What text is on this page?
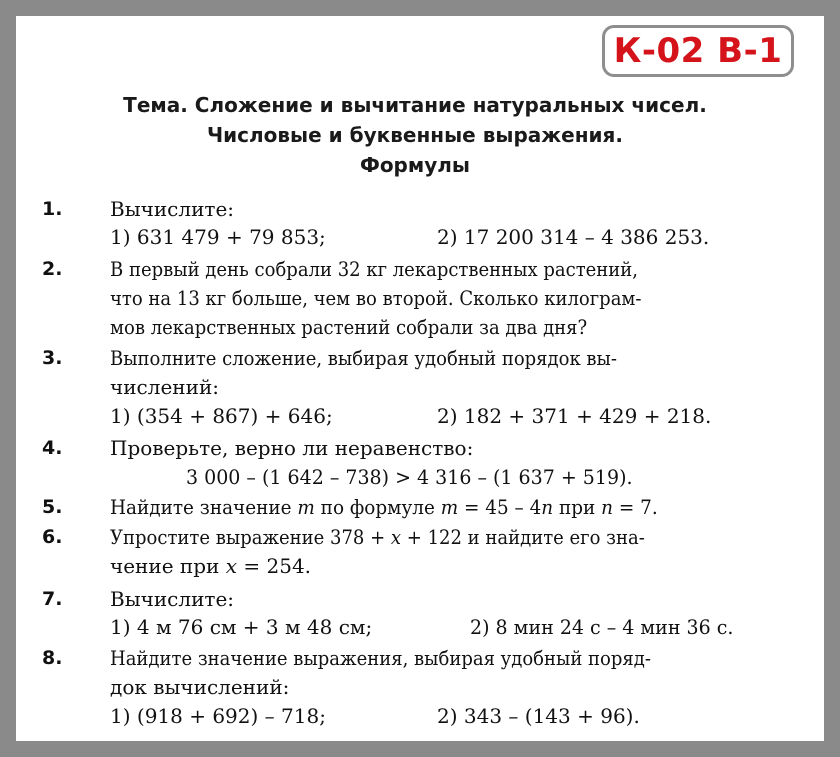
К-02 В-1
Тема. Сложение и вычитание натуральных чисел.
Числовые и буквенные выражения.
Формулы
1. Вычислите:
1) 631 479 + 79 853;	2) 17 200 314 – 4 386 253.
2. В первый день собрали 32 кг лекарственных растений,
что на 13 кг больше, чем во второй. Сколько килограм-
мов лекарственных растений собрали за два дня?
3. Выполните сложение, выбирая удобный порядок вы-
числений:
1) (354 + 867) + 646;	2) 182 + 371 + 429 + 218.
4. Проверьте, верно ли неравенство:
3 000 – (1 642 – 738) > 4 316 – (1 637 + 519).
5. Найдите значение m по формуле m = 45 – 4n при n = 7.
6. Упростите выражение 378 + x + 122 и найдите его зна-
чение при x = 254.
7. Вычислите:
1) 4 м 76 см + 3 м 48 см;	2) 8 мин 24 с – 4 мин 36 с.
8. Найдите значение выражения, выбирая удобный поряд-
док вычислений:
1) (918 + 692) – 718;	2) 343 – (143 + 96).
